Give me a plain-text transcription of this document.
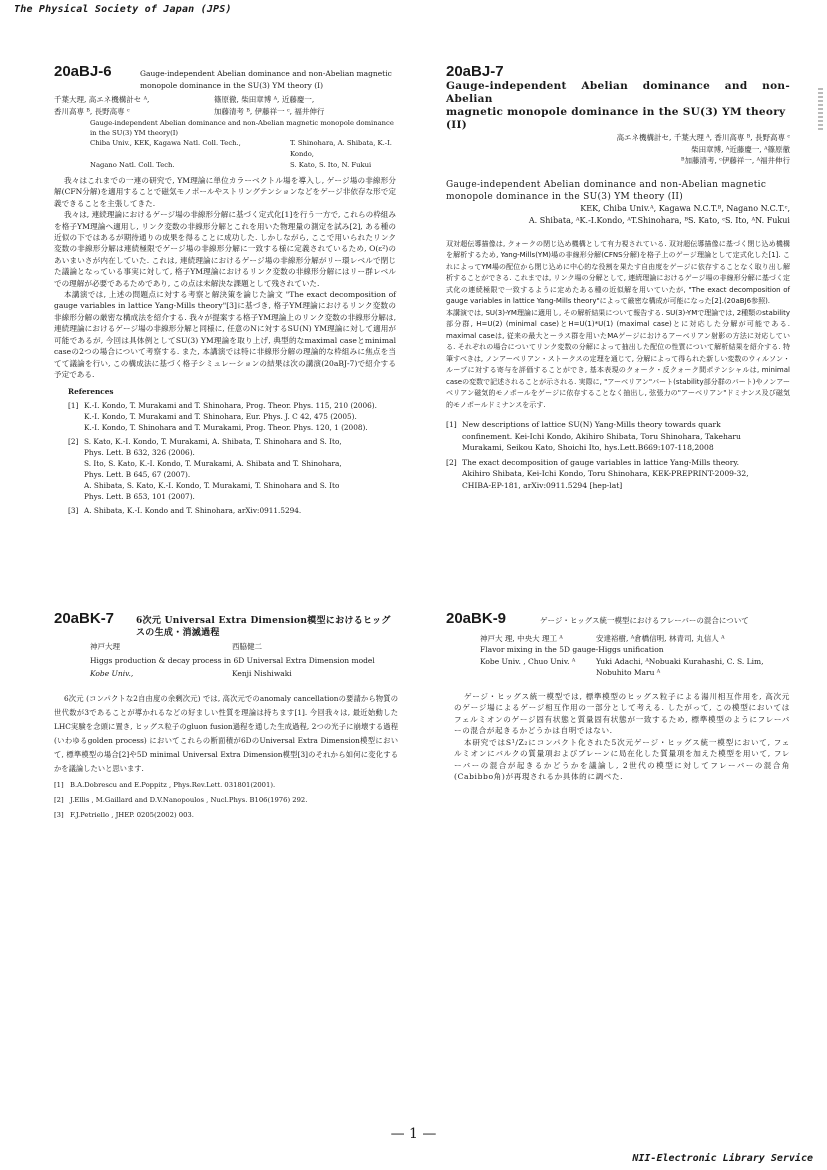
The Physical Society of Japan (JPS)
20aBJ-6	Gauge-independent Abelian dominance and non-Abelian magnetic
monopole dominance in the SU(3) YM theory (I)
千葉大理, 高エネ機構計セ ᴬ,	篠原徹, 柴田章博 ᴬ, 近藤慶一,
香川高専 ᴮ, 長野高専 ᶜ	加藤清考 ᴮ, 伊藤祥一 ᶜ, 福井伸行
Gauge-independent Abelian dominance and non-Abelian magnetic monopole dominance
in the SU(3) YM theory(I)
Chiba Univ., KEK, Kagawa Natl. Coll. Tech.,	T. Shinohara, A. Shibata, K.-I. Kondo,
Nagano Natl. Coll. Tech.	S. Kato, S. Ito, N. Fukui

我々はこれまでの一連の研究で, YM理論に単位カラーベクトル場を導入し, ゲージ場の非線形分解(CFN分解)を適用することで磁気モノポールやストリングテンションなどをゲージ非依存な形で定義できることを主張してきた.

我々は, 連続理論におけるゲージ場の非線形分解に基づく定式化[1]を行う一方で, これらの枠組みを格子YM理論へ適用し, リンク変数の非線形分解とこれを用いた物理量の測定を試み[2], ある種の近似の下ではあるが期待通りの成果を得ることに成功した. しかしながら, ここで用いられたリンク変数の非線形分解は連続極限でゲージ場の非線形分解に一致する様に定義されているため, O(ε²)のあいまいさが内在していた. これは, 連続理論におけるゲージ場の非線形分解がリー環レベルで閉じた議論となっている事実に対して, 格子YM理論におけるリンク変数の非線形分解にはリー群レベルでの理解が必要であるためであり, この点は未解決な課題として残されていた.

本講演では, 上述の問題点に対する考察と解決策を論じた論文 "The exact decomposition of gauge variables in lattice Yang-Mills theory"[3]に基づき, 格子YM理論におけるリンク変数の非線形分解の厳密な構成法を紹介する. 我々が提案する格子YM理論上のリンク変数の非線形分解は, 連続理論におけるゲージ場の非線形分解と同様に, 任意のNに対するSU(N) YM理論に対して適用が可能であるが, 今回は具体例としてSU(3) YM理論を取り上げ, 典型的なmaximal caseとminimal caseの2つの場合について考察する. また, 本講演では特に非線形分解の理論的な枠組みに焦点を当てて議論を行い, この構成法に基づく格子シミュレーションの結果は次の講演(20aBJ-7)で紹介する予定である.

References
[1] K.-I. Kondo, T. Murakami and T. Shinohara, Prog. Theor. Phys. 115, 210 (2006).
K.-I. Kondo, T. Murakami and T. Shinohara, Eur. Phys. J. C 42, 475 (2005).
K.-I. Kondo, T. Shinohara and T. Murakami, Prog. Theor. Phys. 120, 1 (2008).
[2] S. Kato, K.-I. Kondo, T. Murakami, A. Shibata, T. Shinohara and S. Ito,
Phys. Lett. B 632, 326 (2006).
S. Ito, S. Kato, K.-I. Kondo, T. Murakami, A. Shibata and T. Shinohara,
Phys. Lett. B 645, 67 (2007).
A. Shibata, S. Kato, K.-I. Kondo, T. Murakami, T. Shinohara and S. Ito
Phys. Lett. B 653, 101 (2007).
[3] A. Shibata, K.-I. Kondo and T. Shinohara, arXiv:0911.5294.
20aBJ-7
Gauge-independent Abelian dominance and non-Abelian
magnetic monopole dominance in the SU(3) YM theory (II)
高エネ機構計セ, 千葉大理 ᴬ, 香川高専 ᴮ, 長野高専 ᶜ
柴田章博, ᴬ近藤慶一, ᴬ篠原徹
ᴮ加藤清考, ᶜ伊藤祥一, ᴬ福井伸行
Gauge-independent Abelian dominance and non-Abelian magnetic
monopole dominance in the SU(3) YM theory (II)
KEK, Chiba Univ.ᴬ, Kagawa N.C.T.ᴮ, Nagano N.C.T.ᶜ,
A. Shibata, ᴬK.-I.Kondo, ᴬT.Shinohara, ᴮS. Kato, ᶜS. Ito, ᴬN. Fukui

双対超伝導描像は, クォークの閉じ込め機構として有力視されている. 双対超伝導描像に基づく閉じ込め機構を解析するため, Yang-Mills(YM)場の非線形分解(CFNS分解)を格子上のゲージ理論として定式化した[1]. これによってYM場の配位から閉じ込めに中心的な役割を果たす自由度をゲージに依存することなく取り出し解析することができる. これまでは, リンク場の分解として, 連続理論におけるゲージ場の非線形分解に基づく定式化の連続極限で一致するように定めたある種の近似解を用いていたが, "The exact decomposition of gauge variables in lattice Yang-Mills theory"によって厳密な構成が可能になった[2].(20aBJ6参照).

本講演では, SU(3)-YM理論に適用し, その解析結果について報告する. SU(3)-YMで理論では, 2種類のstability部分群, H=U(2) (minimal case)とH=U(1)*U(1) (maximal case)とに対応した分解が可能である. maximal caseは, 従来の最大とーラス群を用いたMAゲージにおけるアーベリアン射影の方法に対応している. それぞれの場合についてリンク変数の分解によって抽出した配位の性質について解析結果を紹介する. 特筆すべきは, ノンアーベリアン・ストークスの定理を通じて, 分解によって得られた新しい変数のウィルソン・ループに対する寄与を評価することができ, 基本表現のクォーク・反クォーク間ポテンシャルは, minimal caseの変数で記述されることが示される. 実際に, "アーベリアン"パート(stability部分群のパート)やノンアーベリアン磁気的モノポールをゲージに依存することなく抽出し, 弦張力の"アーベリアン"ドミナンス及び磁気的モノポールドミナンスを示す.

[1] New descriptions of lattice SU(N) Yang-Mills theory towards quark
confinement. Kei-Ichi Kondo, Akihiro Shibata, Toru Shinohara, Takeharu
Murakami, Seikou Kato, Shoichi Ito, hys.Lett.B669:107-118,2008
[2] The exact decomposition of gauge variables in lattice Yang-Mills theory.
Akihiro Shibata, Kei-Ichi Kondo, Toru Shinohara, KEK-PREPRINT-2009-32,
CHIBA-EP-181, arXiv:0911.5294 [hep-lat]
20aBK-7	6次元 Universal Extra Dimension模型におけるヒッグ
スの生成・消滅過程
神戸大理	西脇健二
Higgs production & decay process in 6D Universal Extra Dimension model
Kobe Univ.,	Kenji Nishiwaki

6次元 (コンパクトな2自由度の余剰次元) では, 高次元でのanomaly cancellationの要請から物質の世代数が3であることが導かれるなどの好ましい性質を理論は持ちます[1]. 今回我々は, 最近始動したLHC実験を念頭に置き, ヒッグス粒子のgluon fusion過程を通した生成過程, 2つの光子に崩壊する過程 (いわゆるgolden process) においてこれらの断面積が6DのUniversal Extra Dimension模型において, 標準模型の場合[2]や5D minimal Universal Extra Dimension模型[3]のそれから如何に変化するかを議論したいと思います.

[1] B.A.Dobrescu and E.Poppitz , Phys.Rev.Lett. 031801(2001).
[2] J.Ellis , M.Gaillard and D.V.Nanopoulos , Nucl.Phys. B106(1976) 292.
[3] F.J.Petriello , JHEP. 0205(2002) 003.
20aBK-9	ゲージ・ヒッグス統一模型におけるフレーバーの混合について
神戸大 理, 中央大 理工 ᴬ	安達裕樹, ᴬ倉橋信明, 林青司, 丸信人 ᴬ
Flavor mixing in the 5D gauge-Higgs unification
Kobe Univ. , Chuo Univ. ᴬ	Yuki Adachi, ᴬNobuaki Kurahashi, C. S. Lim,
Nobuhito Maru ᴬ

ゲージ・ヒッグス統一模型では, 標準模型のヒッグス粒子による湯川相互作用を, 高次元のゲージ場によるゲージ相互作用の一部分として考える. したがって, この模型においてはフェルミオンのゲージ固有状態と質量固有状態が一致するため, 標準模型のようにフレーバーの混合が起きるかどうかは自明ではない.

本研究ではS¹/Z₂にコンパクト化された5次元ゲージ・ヒッグス統一模型において, フェルミオンにバルクの質量項およびブレーンに局在化した質量項を加えた模型を用いて, フレーバーの混合が起きるかどうかを議論し, 2世代の模型に対してフレーバーの混合角(Cabibbo角)が再現されるか具体的に調べた.

— 1 —
NII-Electronic Library Service
